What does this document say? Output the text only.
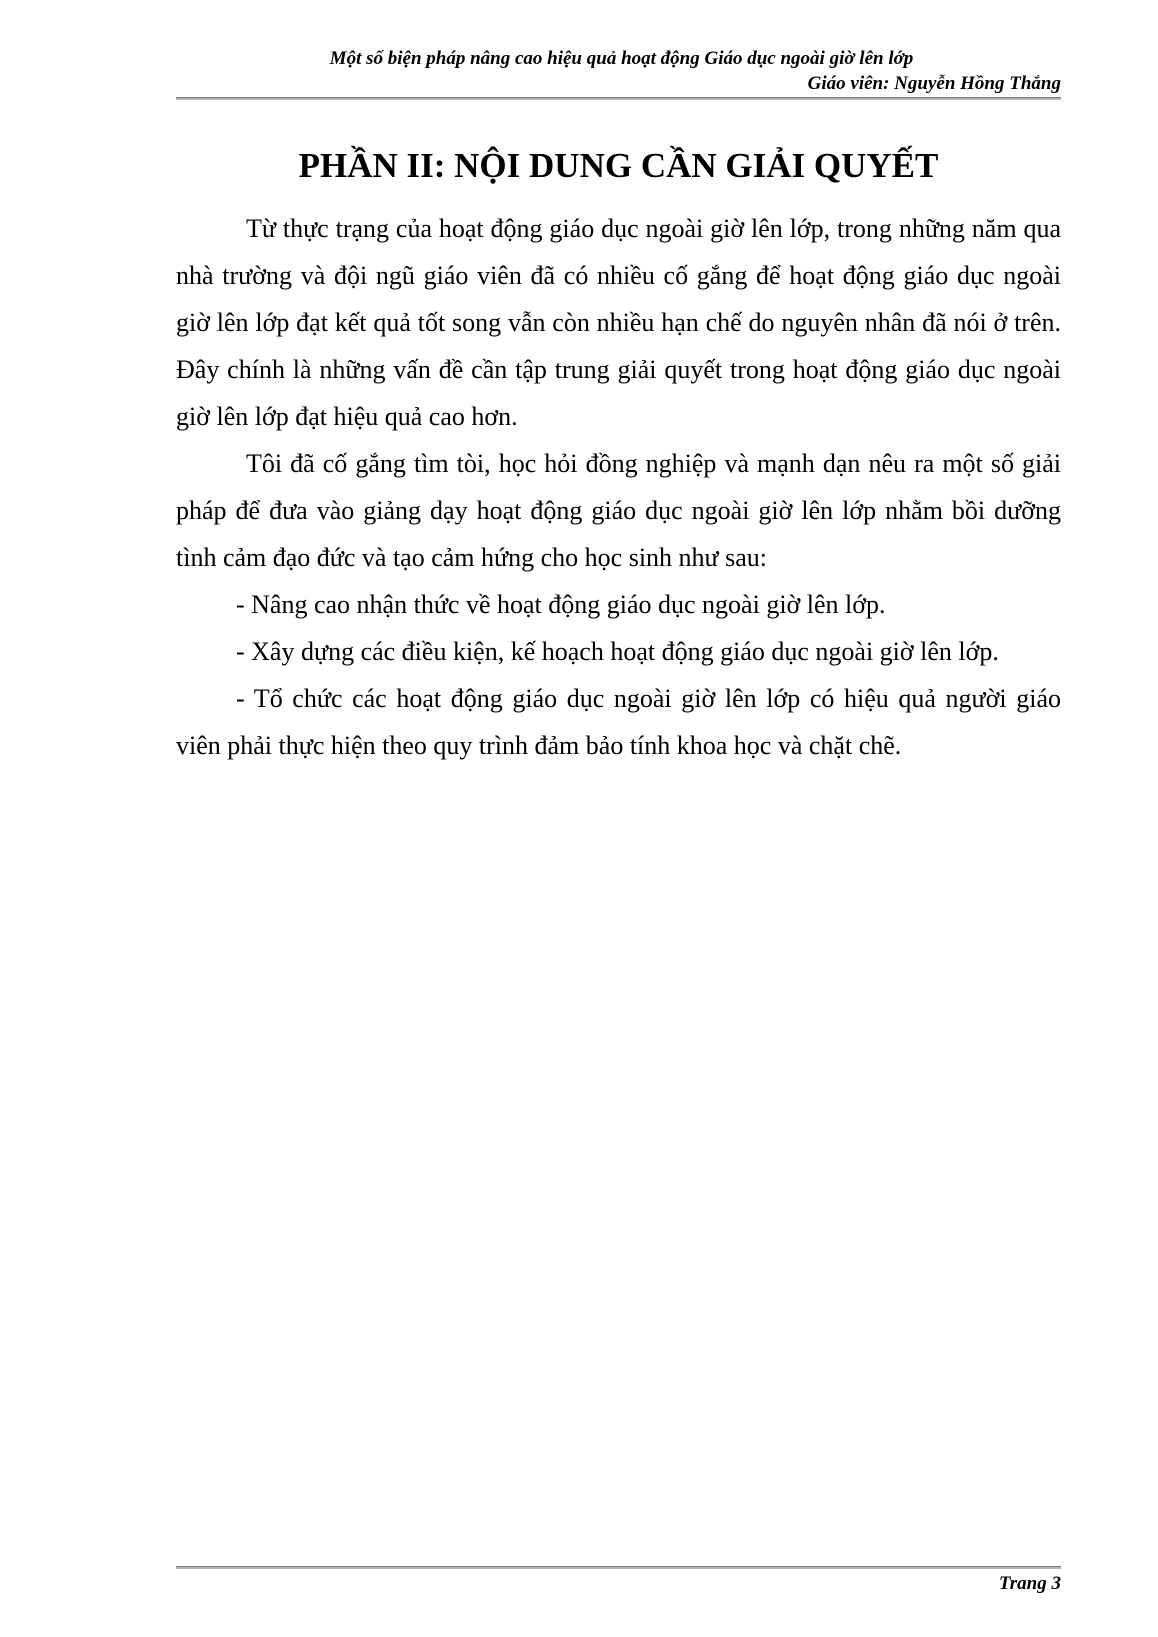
Một số biện pháp nâng cao hiệu quả hoạt động Giáo dục ngoài giờ lên lớp
Giáo viên: Nguyễn Hồng Thắng
PHẦN II: NỘI DUNG CẦN GIẢI QUYẾT

Từ thực trạng của hoạt động giáo dục ngoài giờ lên lớp, trong những năm qua nhà trường và đội ngũ giáo viên đã có nhiều cố gắng để hoạt động giáo dục ngoài giờ lên lớp đạt kết quả tốt song vẫn còn nhiều hạn chế do nguyên nhân đã nói ở trên. Đây chính là những vấn đề cần tập trung giải quyết trong hoạt động giáo dục ngoài giờ lên lớp đạt hiệu quả cao hơn.

Tôi đã cố gắng tìm tòi, học hỏi đồng nghiệp và mạnh dạn nêu ra một số giải pháp để đưa vào giảng dạy hoạt động giáo dục ngoài giờ lên lớp nhằm bồi dưỡng tình cảm đạo đức và tạo cảm hứng cho học sinh như sau:

- Nâng cao nhận thức về hoạt động giáo dục ngoài giờ lên lớp.

- Xây dựng các điều kiện, kế hoạch hoạt động giáo dục ngoài giờ lên lớp.

- Tổ chức các hoạt động giáo dục ngoài giờ lên lớp có hiệu quả người giáo viên phải thực hiện theo quy trình đảm bảo tính khoa học và chặt chẽ.

Trang 3
